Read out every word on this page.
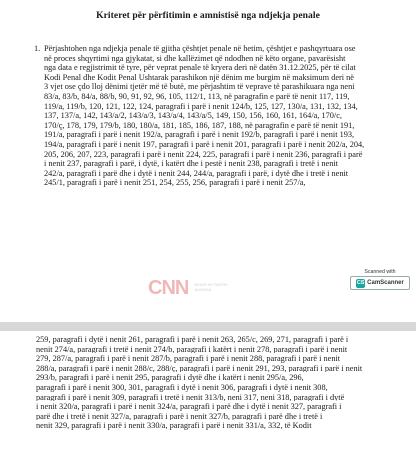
Kriteret për përfitimin e amnistisë nga ndjekja penale
1. Përjashtohen nga ndjekja penale të gjitha çështjet penale në hetim, çështjet e pashqyrtuara ose
në proces shqyrtimi nga gjykatat, si dhe kallëzimet që ndodhen në këto organe, pavarësisht
nga data e regjistrimit të tyre, për veprat penale të kryera deri në datën 31.12.2025, për të cilat
Kodi Penal dhe Kodit Penal Ushtarak parashikon një dënim me burgim në maksimum deri në
3 vjet ose çdo lloj dënimi tjetër më të butë, me përjashtim të veprave të parashikuara nga neni
83/a, 83/b, 84/a, 88/b, 90, 91, 92, 96, 105, 112/1, 113, në paragrafin e parë të nenit 117, 119,
119/a, 119/b, 120, 121, 122, 124, paragrafi i parë i nenit 124/b, 125, 127, 130/a, 131, 132, 134,
137, 137/a, 142, 143/a/2, 143/a/3, 143/a/4, 143/a/5, 149, 150, 156, 160, 161, 164/a, 170/c,
170/ç, 178, 179, 179/b, 180, 180/a, 181, 185, 186, 187, 188, në paragrafin e parë të nenit 191,
191/a, paragrafi i parë i nenit 192/a, paragrafi i parë i nenit 192/b, paragrafi i parë i nenit 193,
194/a, paragrafi i parë i nenit 197, paragrafi i parë i nenit 201, paragrafi i parë i nenit 202/a, 204,
205, 206, 207, 223, paragrafi i parë i nenit 224, 225, paragrafi i parë i nenit 236, paragrafi i parë
i nenit 237, paragrafi i parë, i dytë, i katërt dhe i pestë i nenit 238, paragrafi i tretë i nenit
242/a, paragrafi i parë dhe i dytë i nenit 244, 244/a, paragrafi i parë, i dytë dhe i tretë i nenit
245/1, paragrafi i parë i nenit 251, 254, 255, 256, paragrafi i parë i nenit 257/a,
CNN NEWS NETWORK ALBANIA
Scanned with
CS CamScanner
259, paragrafi i dytë i nenit 261, paragrafi i parë i nenit 263, 265/c, 269, 271, paragrafi i parë i
nenit 274/a, paragrafi i tretë i nenit 274/b, paragrafi i katërt i nenit 278, paragrafi i parë i nenit
279, 287/a, paragrafi i parë i nenit 287/b, paragrafi i parë i nenit 288, paragrafi i parë i nenit
288/a, paragrafi i parë i nenit 288/c, 288/ç, paragrafi i parë i nenit 291, 293, paragrafi i parë i nenit
293/b, paragrafi i parë i nenit 295, paragrafi i dytë dhe i katërt i nenit 295/a, 296,
paragrafi i parë i nenit 300, 301, paragrafi i dytë i nenit 306, paragrafi i dytë i nenit 308,
paragrafi i parë i nenit 309, paragrafi i tretë i nenit 313/b, neni 317, neni 318, paragrafi i dytë
i nenit 320/a, paragrafi i parë i nenit 324/a, paragrafi i parë dhe i dytë i nenit 327, paragrafi i
parë dhe i tretë i nenit 327/a, paragrafi i parë i nenit 327/b, paragrafi i parë dhe i tretë i
nenit 329, paragrafi i parë i nenit 330/a, paragrafi i parë i nenit 331/a, 332, të Kodit
